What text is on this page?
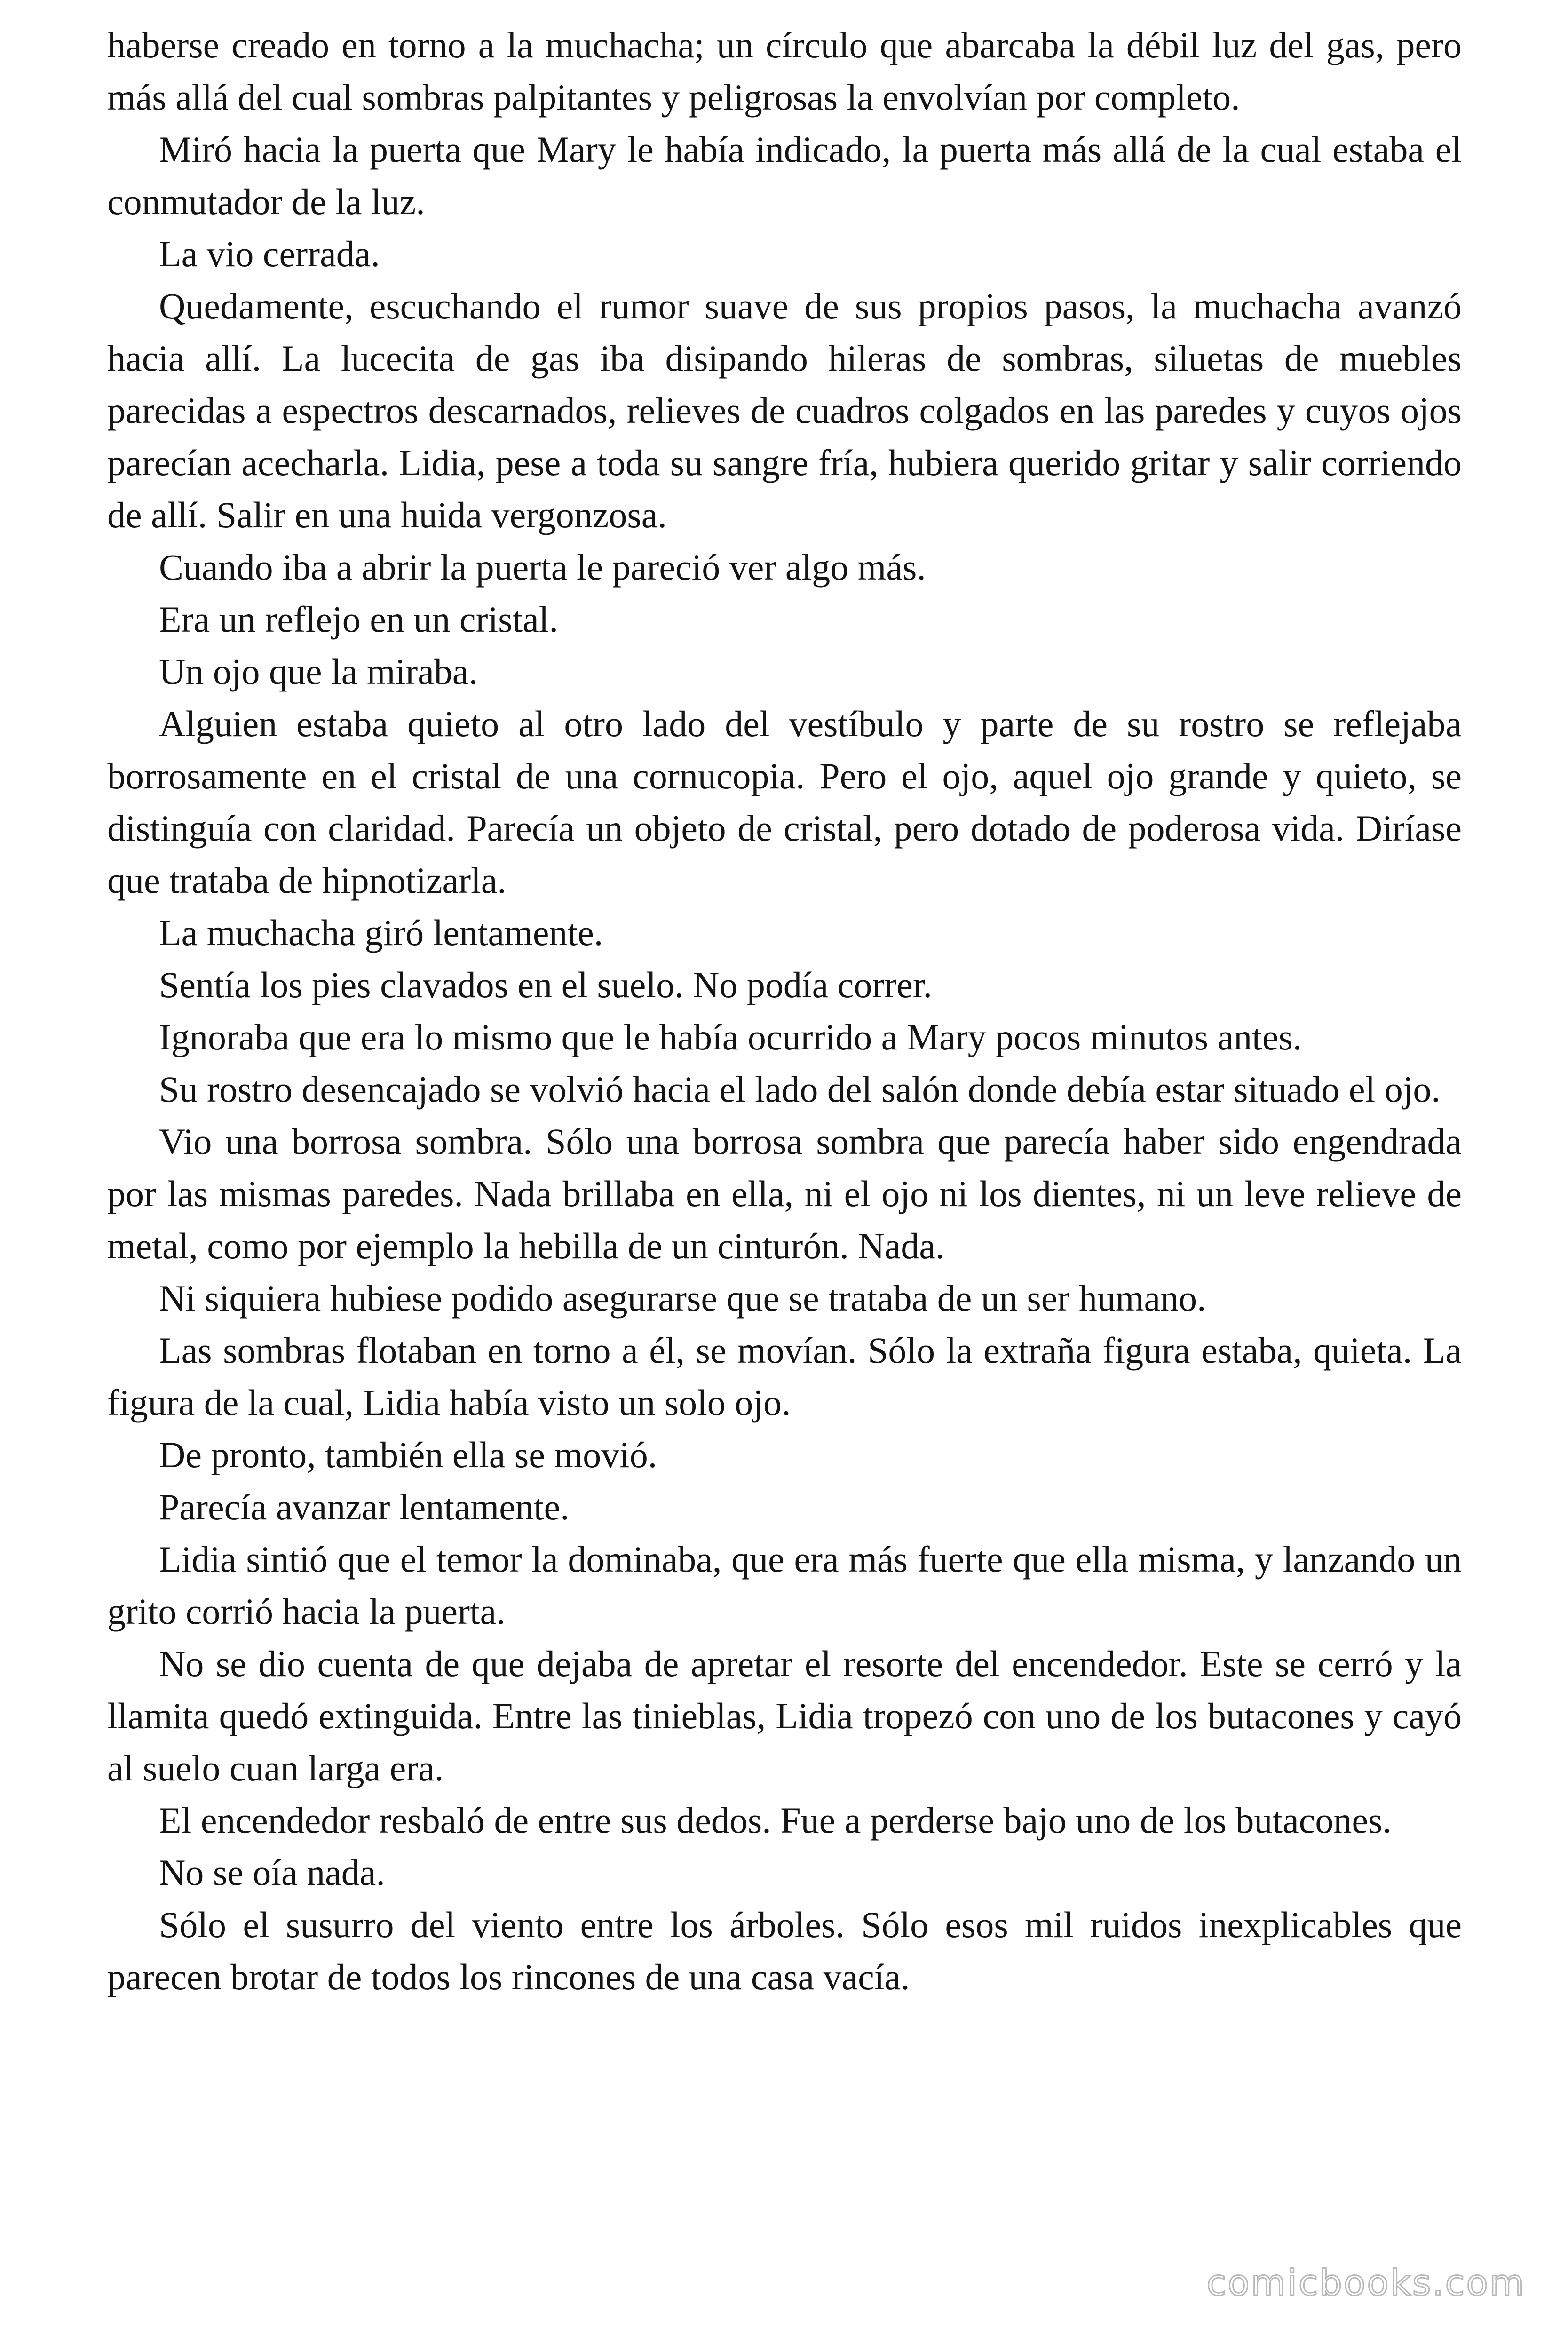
haberse creado en torno a la muchacha; un círculo que abarcaba la débil luz del gas, pero más allá del cual sombras palpitantes y peligrosas la envolvían por completo.

Miró hacia la puerta que Mary le había indicado, la puerta más allá de la cual estaba el conmutador de la luz.

La vio cerrada.

Quedamente, escuchando el rumor suave de sus propios pasos, la muchacha avanzó hacia allí. La lucecita de gas iba disipando hileras de sombras, siluetas de muebles parecidas a espectros descarnados, relieves de cuadros colgados en las paredes y cuyos ojos parecían acecharla. Lidia, pese a toda su sangre fría, hubiera querido gritar y salir corriendo de allí. Salir en una huida vergonzosa.

Cuando iba a abrir la puerta le pareció ver algo más.

Era un reflejo en un cristal.

Un ojo que la miraba.

Alguien estaba quieto al otro lado del vestíbulo y parte de su rostro se reflejaba borrosamente en el cristal de una cornucopia. Pero el ojo, aquel ojo grande y quieto, se distinguía con claridad. Parecía un objeto de cristal, pero dotado de poderosa vida. Diríase que trataba de hipnotizarla.

La muchacha giró lentamente.

Sentía los pies clavados en el suelo. No podía correr.

Ignoraba que era lo mismo que le había ocurrido a Mary pocos minutos antes.

Su rostro desencajado se volvió hacia el lado del salón donde debía estar situado el ojo.

Vio una borrosa sombra. Sólo una borrosa sombra que parecía haber sido engendrada por las mismas paredes. Nada brillaba en ella, ni el ojo ni los dientes, ni un leve relieve de metal, como por ejemplo la hebilla de un cinturón. Nada.

Ni siquiera hubiese podido asegurarse que se trataba de un ser humano.

Las sombras flotaban en torno a él, se movían. Sólo la extraña figura estaba, quieta. La figura de la cual, Lidia había visto un solo ojo.

De pronto, también ella se movió.

Parecía avanzar lentamente.

Lidia sintió que el temor la dominaba, que era más fuerte que ella misma, y lanzando un grito corrió hacia la puerta.

No se dio cuenta de que dejaba de apretar el resorte del encendedor. Este se cerró y la llamita quedó extinguida. Entre las tinieblas, Lidia tropezó con uno de los butacones y cayó al suelo cuan larga era.

El encendedor resbaló de entre sus dedos. Fue a perderse bajo uno de los butacones.

No se oía nada.

Sólo el susurro del viento entre los árboles. Sólo esos mil ruidos inexplicables que parecen brotar de todos los rincones de una casa vacía.

comicbooks.com
